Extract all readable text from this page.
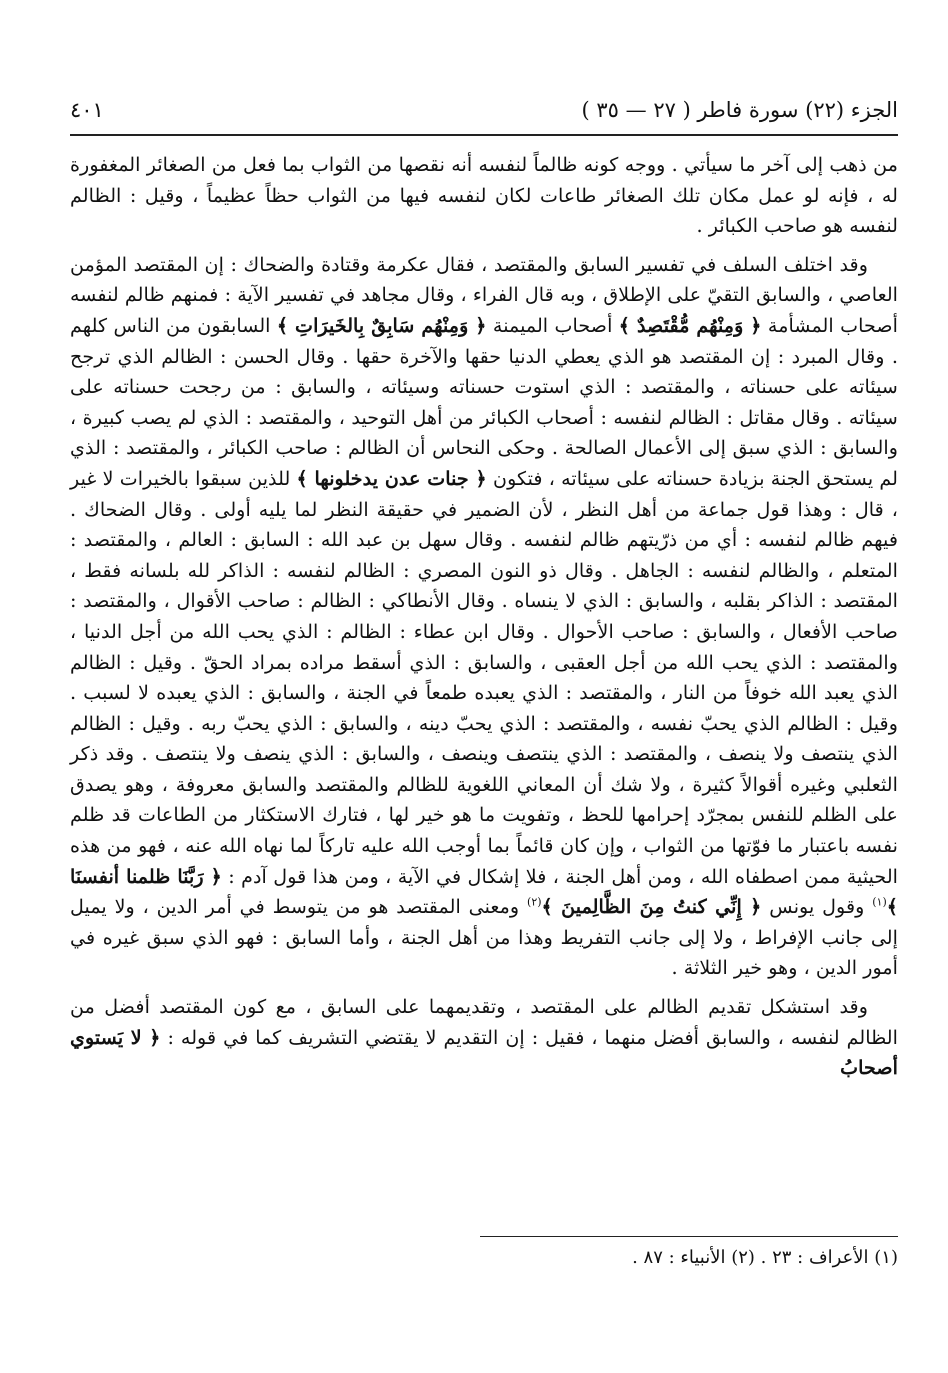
الجزء (٢٢) سورة فاطر ( ٢٧ — ٣٥ )
٤٠١

من ذهب إلى آخر ما سيأتي . ووجه كونه ظالماً لنفسه أنه نقصها من الثواب بما فعل من الصغائر المغفورة له ، فإنه لو عمل مكان تلك الصغائر طاعات لكان لنفسه فيها من الثواب حظاً عظيماً ، وقيل : الظالم لنفسه هو صاحب الكبائر .

وقد اختلف السلف في تفسير السابق والمقتصد ، فقال عكرمة وقتادة والضحاك : إن المقتصد المؤمن العاصي ، والسابق التقيّ على الإطلاق ، وبه قال الفراء ، وقال مجاهد في تفسير الآية : فمنهم ظالم لنفسه أصحاب المشأمة ﴿ وَمِنْهُم مُّقْتَصِدٌ ﴾ أصحاب الميمنة ﴿ وَمِنْهُم سَابِقٌ بِالخَيرَاتِ ﴾ السابقون من الناس كلهم . وقال المبرد : إن المقتصد هو الذي يعطي الدنيا حقها والآخرة حقها . وقال الحسن : الظالم الذي ترجح سيئاته على حسناته ، والمقتصد : الذي استوت حسناته وسيئاته ، والسابق : من رجحت حسناته على سيئاته . وقال مقاتل : الظالم لنفسه : أصحاب الكبائر من أهل التوحيد ، والمقتصد : الذي لم يصب كبيرة ، والسابق : الذي سبق إلى الأعمال الصالحة . وحكى النحاس أن الظالم : صاحب الكبائر ، والمقتصد : الذي لم يستحق الجنة بزيادة حسناته على سيئاته ، فتكون ﴿ جنات عدن يدخلونها ﴾ للذين سبقوا بالخيرات لا غير ، قال : وهذا قول جماعة من أهل النظر ، لأن الضمير في حقيقة النظر لما يليه أولى . وقال الضحاك . فيهم ظالم لنفسه : أي من ذرّيتهم ظالم لنفسه . وقال سهل بن عبد الله : السابق : العالم ، والمقتصد : المتعلم ، والظالم لنفسه : الجاهل . وقال ذو النون المصري : الظالم لنفسه : الذاكر لله بلسانه فقط ، المقتصد : الذاكر بقلبه ، والسابق : الذي لا ينساه . وقال الأنطاكي : الظالم : صاحب الأقوال ، والمقتصد : صاحب الأفعال ، والسابق : صاحب الأحوال . وقال ابن عطاء : الظالم : الذي يحب الله من أجل الدنيا ، والمقتصد : الذي يحب الله من أجل العقبى ، والسابق : الذي أسقط مراده بمراد الحقّ . وقيل : الظالم الذي يعبد الله خوفاً من النار ، والمقتصد : الذي يعبده طمعاً في الجنة ، والسابق : الذي يعبده لا لسبب . وقيل : الظالم الذي يحبّ نفسه ، والمقتصد : الذي يحبّ دينه ، والسابق : الذي يحبّ ربه . وقيل : الظالم الذي ينتصف ولا ينصف ، والمقتصد : الذي ينتصف وينصف ، والسابق : الذي ينصف ولا ينتصف . وقد ذكر الثعلبي وغيره أقوالاً كثيرة ، ولا شك أن المعاني اللغوية للظالم والمقتصد والسابق معروفة ، وهو يصدق على الظلم للنفس بمجرّد إحرامها للحظ ، وتفويت ما هو خير لها ، فتارك الاستكثار من الطاعات قد ظلم نفسه باعتبار ما فوّتها من الثواب ، وإن كان قائماً بما أوجب الله عليه تاركاً لما نهاه الله عنه ، فهو من هذه الحيثية ممن اصطفاه الله ، ومن أهل الجنة ، فلا إشكال في الآية ، ومن هذا قول آدم : ﴿ رَبَّنَا ظلمنا أنفسنَا ﴾$^{(١)}$ وقول يونس ﴿ إِنِّي كنتُ مِنَ الظَّالِمينَ ﴾$^{(٢)}$ ومعنى المقتصد هو من يتوسط في أمر الدين ، ولا يميل إلى جانب الإفراط ، ولا إلى جانب التفريط وهذا من أهل الجنة ، وأما السابق : فهو الذي سبق غيره في أمور الدين ، وهو خير الثلاثة .

وقد استشكل تقديم الظالم على المقتصد ، وتقديمهما على السابق ، مع كون المقتصد أفضل من الظالم لنفسه ، والسابق أفضل منهما ، فقيل : إن التقديم لا يقتضي التشريف كما في قوله : ﴿ لا يَستوي أصحابُ

(١) الأعراف : ٢٣ . (٢) الأنبياء : ٨٧ .
